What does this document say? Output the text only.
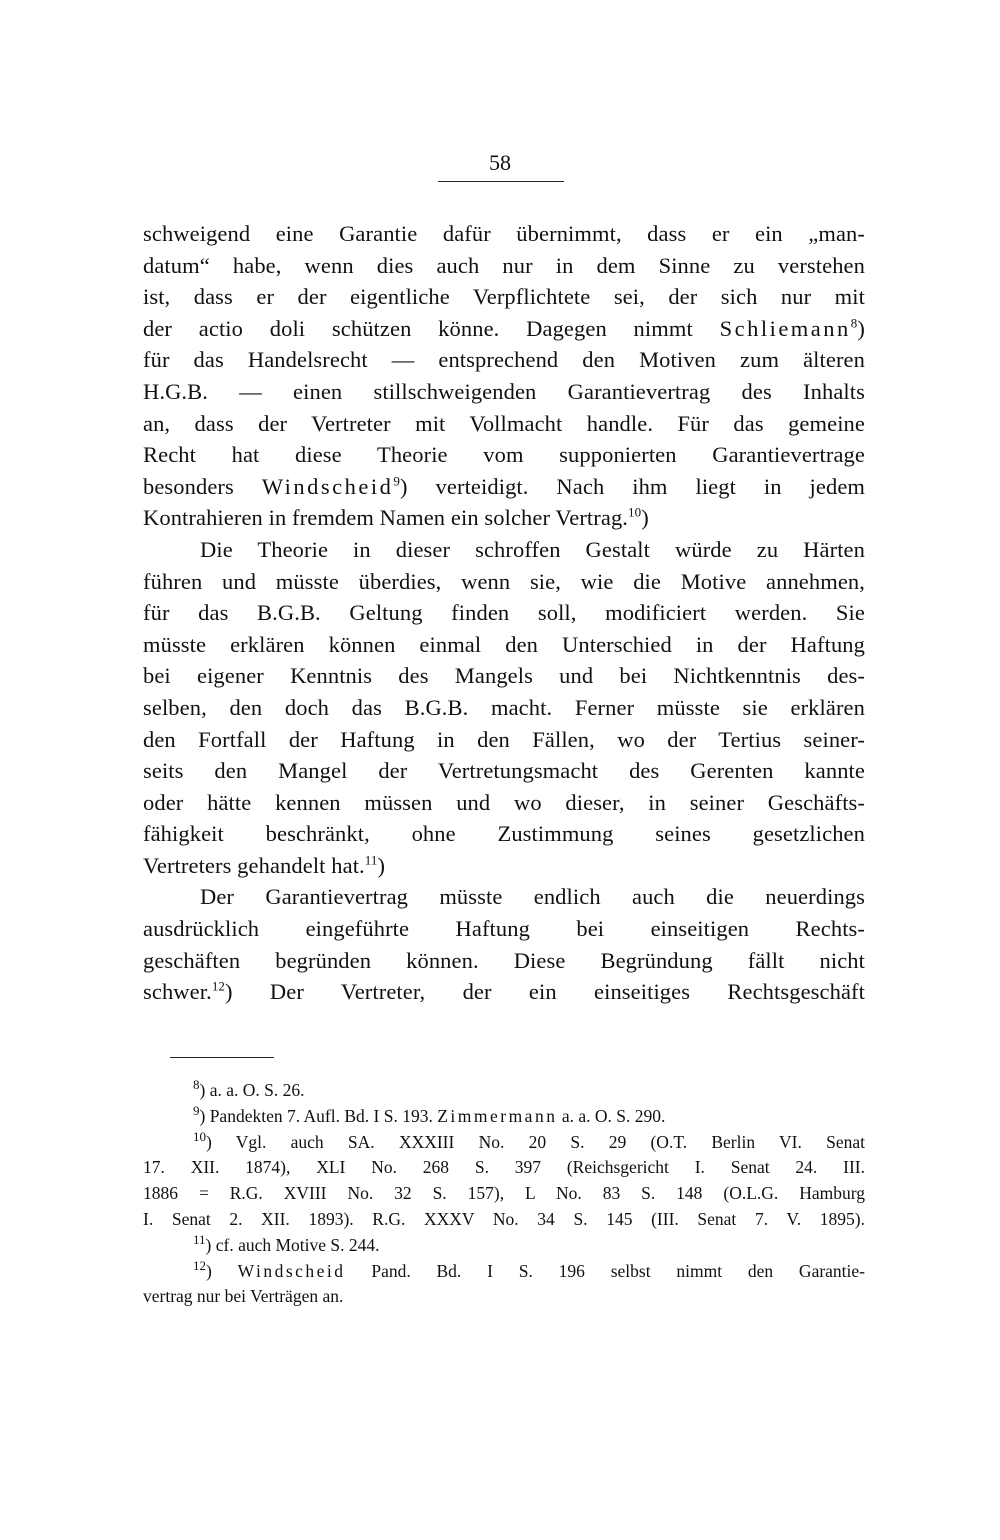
58
schweigend eine Garantie dafür übernimmt, dass er ein „man-
datum“ habe, wenn dies auch nur in dem Sinne zu verstehen
ist, dass er der eigentliche Verpflichtete sei, der sich nur mit
der actio doli schützen könne. Dagegen nimmt Schliemann$^8$)
für das Handelsrecht — entsprechend den Motiven zum älteren
H.G.B. — einen stillschweigenden Garantievertrag des Inhalts
an, dass der Vertreter mit Vollmacht handle. Für das gemeine
Recht hat diese Theorie vom supponierten Garantievertrage
besonders Windscheid$^9$) verteidigt. Nach ihm liegt in jedem
Kontrahieren in fremdem Namen ein solcher Vertrag.$^{10}$)
Die Theorie in dieser schroffen Gestalt würde zu Härten
führen und müsste überdies, wenn sie, wie die Motive annehmen,
für das B.G.B. Geltung finden soll, modificiert werden. Sie
müsste erklären können einmal den Unterschied in der Haftung
bei eigener Kenntnis des Mangels und bei Nichtkenntnis des-
selben, den doch das B.G.B. macht. Ferner müsste sie erklären
den Fortfall der Haftung in den Fällen, wo der Tertius seiner-
seits den Mangel der Vertretungsmacht des Gerenten kannte
oder hätte kennen müssen und wo dieser, in seiner Geschäfts-
fähigkeit beschränkt, ohne Zustimmung seines gesetzlichen
Vertreters gehandelt hat.$^{11}$)
Der Garantievertrag müsste endlich auch die neuerdings
ausdrücklich eingeführte Haftung bei einseitigen Rechts-
geschäften begründen können. Diese Begründung fällt nicht
schwer.$^{12}$) Der Vertreter, der ein einseitiges Rechtsgeschäft
$^8$) a. a. O. S. 26.
$^9$) Pandekten 7. Aufl. Bd. I S. 193. Zimmermann a. a. O. S. 290.
$^{10}$) Vgl. auch SA. XXXIII No. 20 S. 29 (O.T. Berlin VI. Senat
17. XII. 1874), XLI No. 268 S. 397 (Reichsgericht I. Senat 24. III.
1886 = R.G. XVIII No. 32 S. 157), L No. 83 S. 148 (O.L.G. Hamburg
I. Senat 2. XII. 1893). R.G. XXXV No. 34 S. 145 (III. Senat 7. V. 1895).
$^{11}$) cf. auch Motive S. 244.
$^{12}$) Windscheid Pand. Bd. I S. 196 selbst nimmt den Garantie-
vertrag nur bei Verträgen an.
